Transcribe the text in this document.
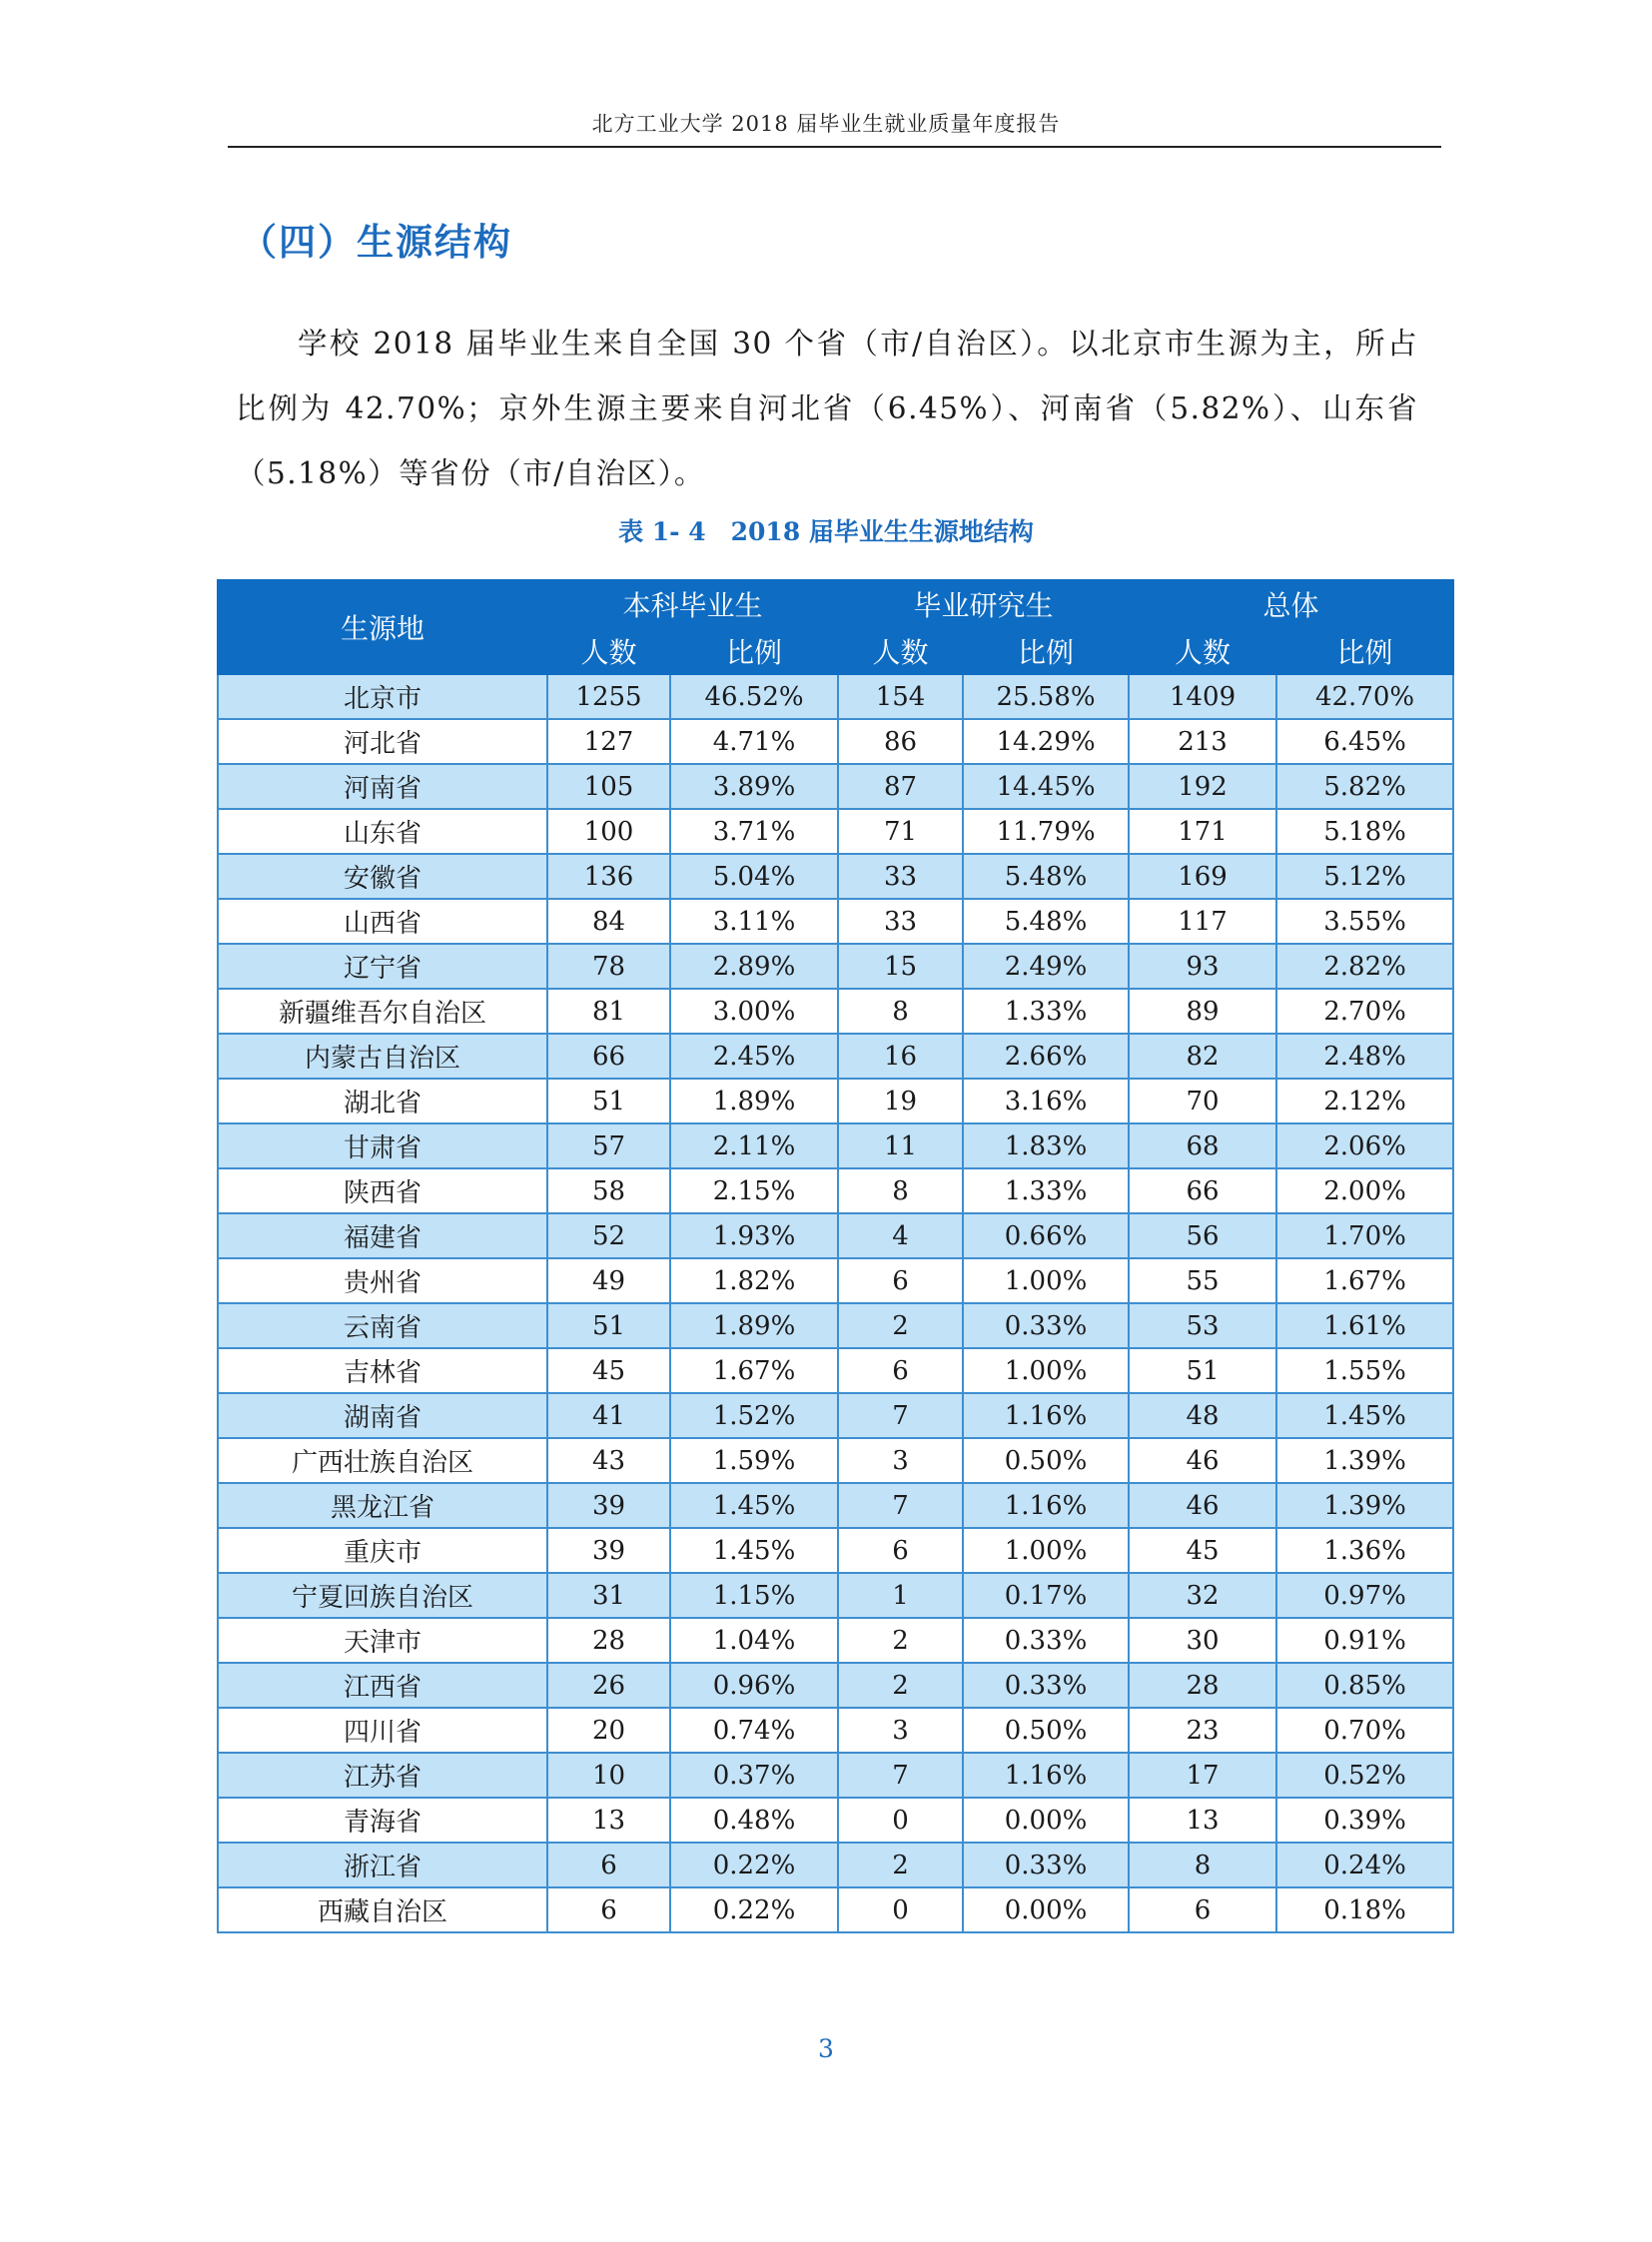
北方工业大学 2018 届毕业生就业质量年度报告
（四）生源结构

学校 2018 届毕业生来自全国 30 个省（市/自治区）。以北京市生源为主，所占比例为 42.70%；京外生源主要来自河北省（6.45%）、河南省（5.82%）、山东省（5.18%）等省份（市/自治区）。

表 1- 4　2018 届毕业生生源地结构
生源地	本科毕业生		毕业研究生		总体	
	人数	比例	人数	比例	人数	比例
北京市	1255	46.52%	154	25.58%	1409	42.70%
河北省	127	4.71%	86	14.29%	213	6.45%
河南省	105	3.89%	87	14.45%	192	5.82%
山东省	100	3.71%	71	11.79%	171	5.18%
安徽省	136	5.04%	33	5.48%	169	5.12%
山西省	84	3.11%	33	5.48%	117	3.55%
辽宁省	78	2.89%	15	2.49%	93	2.82%
新疆维吾尔自治区	81	3.00%	8	1.33%	89	2.70%
内蒙古自治区	66	2.45%	16	2.66%	82	2.48%
湖北省	51	1.89%	19	3.16%	70	2.12%
甘肃省	57	2.11%	11	1.83%	68	2.06%
陕西省	58	2.15%	8	1.33%	66	2.00%
福建省	52	1.93%	4	0.66%	56	1.70%
贵州省	49	1.82%	6	1.00%	55	1.67%
云南省	51	1.89%	2	0.33%	53	1.61%
吉林省	45	1.67%	6	1.00%	51	1.55%
湖南省	41	1.52%	7	1.16%	48	1.45%
广西壮族自治区	43	1.59%	3	0.50%	46	1.39%
黑龙江省	39	1.45%	7	1.16%	46	1.39%
重庆市	39	1.45%	6	1.00%	45	1.36%
宁夏回族自治区	31	1.15%	1	0.17%	32	0.97%
天津市	28	1.04%	2	0.33%	30	0.91%
江西省	26	0.96%	2	0.33%	28	0.85%
四川省	20	0.74%	3	0.50%	23	0.70%
江苏省	10	0.37%	7	1.16%	17	0.52%
青海省	13	0.48%	0	0.00%	13	0.39%
浙江省	6	0.22%	2	0.33%	8	0.24%
西藏自治区	6	0.22%	0	0.00%	6	0.18%
3
